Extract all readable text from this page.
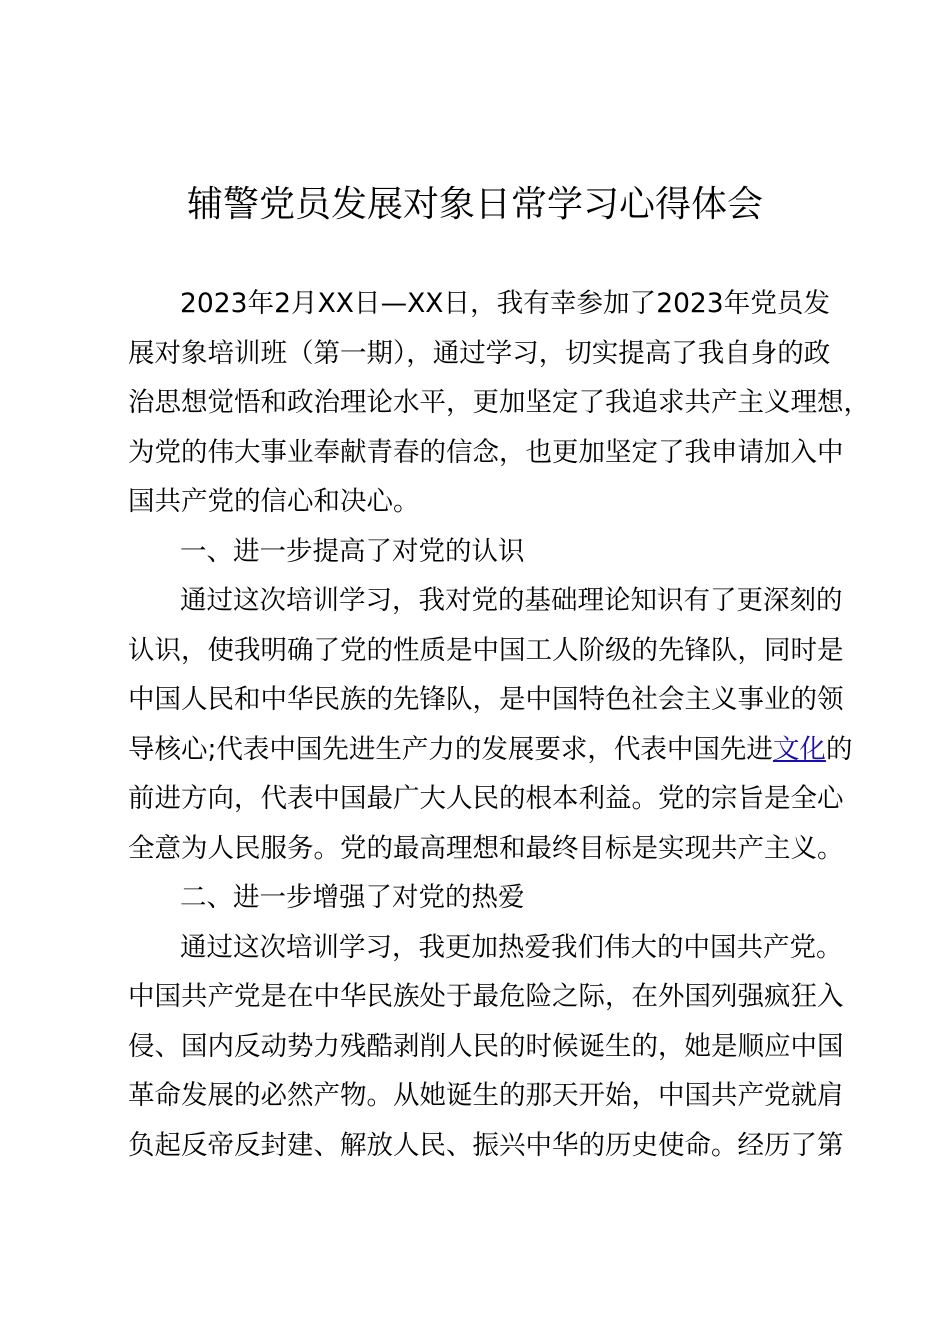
辅警党员发展对象日常学习心得体会
2023年2月XX日—XX日，我有幸参加了2023年党员发
展对象培训班（第一期），通过学习，切实提高了我自身的政
治思想觉悟和政治理论水平，更加坚定了我追求共产主义理想，
为党的伟大事业奉献青春的信念，也更加坚定了我申请加入中
国共产党的信心和决心。
一、进一步提高了对党的认识
通过这次培训学习，我对党的基础理论知识有了更深刻的
认识，使我明确了党的性质是中国工人阶级的先锋队，同时是
中国人民和中华民族的先锋队，是中国特色社会主义事业的领
导核心;代表中国先进生产力的发展要求，代表中国先进文化的
前进方向，代表中国最广大人民的根本利益。党的宗旨是全心
全意为人民服务。党的最高理想和最终目标是实现共产主义。
二、进一步增强了对党的热爱
通过这次培训学习，我更加热爱我们伟大的中国共产党。
中国共产党是在中华民族处于最危险之际，在外国列强疯狂入
侵、国内反动势力残酷剥削人民的时候诞生的，她是顺应中国
革命发展的必然产物。从她诞生的那天开始，中国共产党就肩
负起反帝反封建、解放人民、振兴中华的历史使命。经历了第
